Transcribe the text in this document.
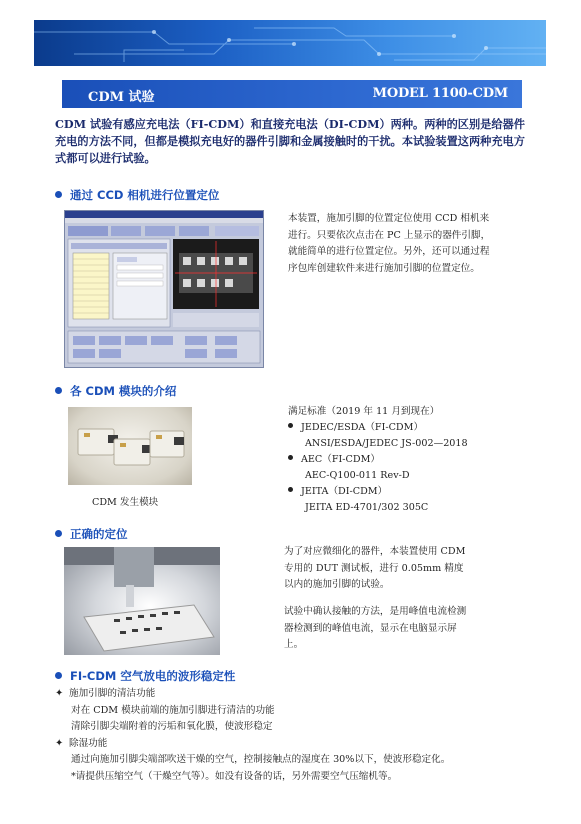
CDM 试验	MODEL 1100-CDM
CDM 试验有感应充电法（FI-CDM）和直接充电法（DI-CDM）两种。两种的区别是给器件充电的方法不同，但都是模拟充电好的器件引脚和金属接触时的干扰。本试验装置这两种充电方式都可以进行试验。
通过 CCD 相机进行位置定位
本装置，施加引脚的位置定位使用 CCD 相机来进行。只要依次点击在 PC 上显示的器件引脚，就能简单的进行位置定位。另外，还可以通过程序包库创建软件来进行施加引脚的位置定位。
各 CDM 模块的介绍
CDM 发生模块
满足标准（2019 年 11 月到现在）
JEDEC/ESDA（FI-CDM）
ANSI/ESDA/JEDEC JS-002—2018
AEC（FI-CDM）
AEC-Q100-011 Rev-D
JEITA（DI-CDM）
JEITA ED-4701/302 305C
正确的定位
为了对应微细化的器件，本装置使用 CDM 专用的 DUT 测试板，进行 0.05mm 精度以内的施加引脚的试验。
试验中确认接触的方法，是用峰值电流检测器检测到的峰值电流，显示在电脑显示屏上。
FI-CDM 空气放电的波形稳定性
✦ 施加引脚的清洁功能
对在 CDM 模块前端的施加引脚进行清洁的功能
清除引脚尖端附着的污垢和氧化膜，使波形稳定
✦ 除湿功能
通过向施加引脚尖端部吹送干燥的空气，控制接触点的湿度在 30%以下，使波形稳定化。
*请提供压缩空气（干燥空气等）。如没有设备的话，另外需要空气压缩机等。
